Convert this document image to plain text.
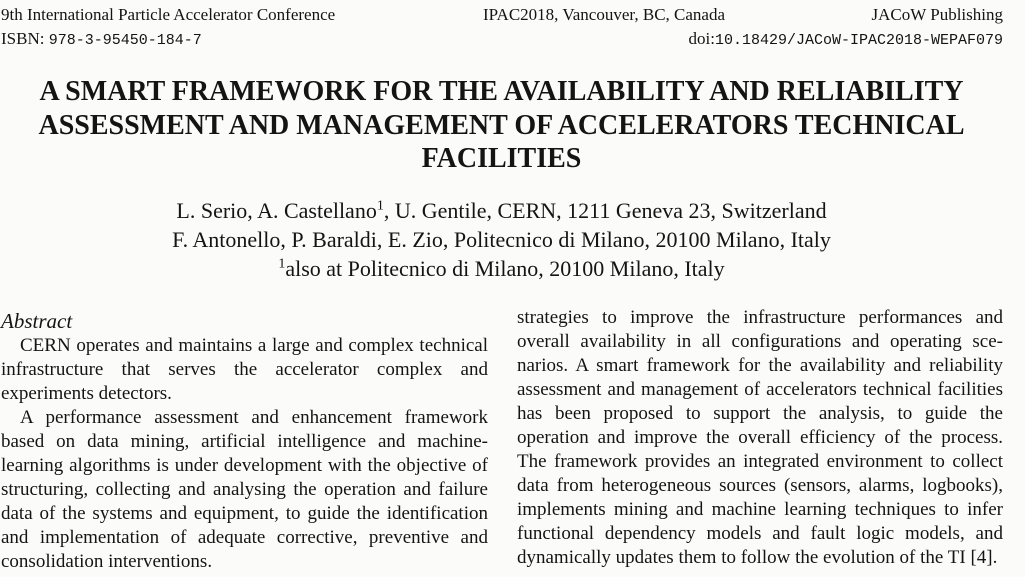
9th International Particle Accelerator Conference	IPAC2018, Vancouver, BC, Canada	JACoW Publishing
ISBN: 978-3-95450-184-7	doi:10.18429/JACoW-IPAC2018-WEPAF079
A SMART FRAMEWORK FOR THE AVAILABILITY AND RELIABILITY
ASSESSMENT AND MANAGEMENT OF ACCELERATORS TECHNICAL
FACILITIES
L. Serio, A. Castellano$^1$, U. Gentile, CERN, 1211 Geneva 23, Switzerland
F. Antonello, P. Baraldi, E. Zio, Politecnico di Milano, 20100 Milano, Italy
$^1$also at Politecnico di Milano, 20100 Milano, Italy
Abstract

CERN operates and maintains a large and complex technical infrastructure that serves the accelerator complex and experiments detectors.

A performance assessment and enhancement framework based on data mining, artificial intelligence and machine-learning algorithms is under development with the objective of structuring, collecting and analysing the operation and failure data of the systems and equipment, to guide the identification and implementation of adequate corrective, preventive and consolidation interventions.

strategies to improve the infrastructure performances and overall availability in all configurations and operating scenarios. A smart framework for the availability and reliability assessment and management of accelerators technical facilities has been proposed to support the analysis, to guide the operation and improve the overall efficiency of the process. The framework provides an integrated environment to collect data from heterogeneous sources (sensors, alarms, logbooks), implements mining and machine learning techniques to infer functional dependency models and fault logic models, and dynamically updates them to follow the evolution of the TI [4].
